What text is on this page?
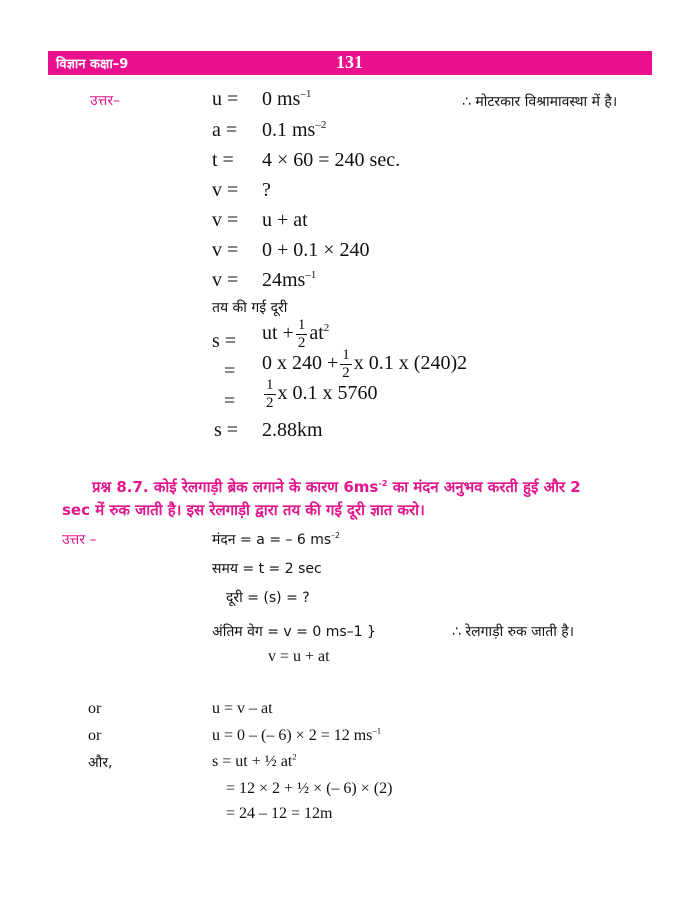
विज्ञान कक्षा–9	131
उत्तर–	∴ मोटरकार विश्रामावस्था में है।
u = 0 $ms^{-1}$
a = 0.1 $ms^{-2}$
t = 4 × 60 = 240 sec.
v = ?
v = u + at
v = 0 + 0.1 × 240
$v = 24ms^{-1}$
तय की गई दूरी
s = ut + $\frac{1}{2} at^2$
= 0 x $240 + \frac{1}{2}$ x 0.1 x (240)2
= $\frac{1}{2}$ x 0.1 x 5760
s = 2.88km
प्रश्न 8.7. कोई रेलगाड़ी ब्रेक लगाने के कारण $6ms^{-2}$ का मंदन अनुभव करती हुई और 2
sec में रुक जाती है। इस रेलगाड़ी द्वारा तय की गई दूरी ज्ञात करो।
उत्तर –	मंदन = a = – 6 $ms^{-2}$
समय = t = 2 sec
दूरी = (s) = ?
अंतिम वेग = v = 0 ms–1 }	∴ रेलगाड़ी रुक जाती है।
v = u + at
or	u = v – at
or	u = 0 – (– 6) × 2 = 12 $ms^{-1}$
और,	s = ut + ½ $at^2$
= 12 × 2 + ½ × (– 6) × (2)
= 24 – 12 = 12m
